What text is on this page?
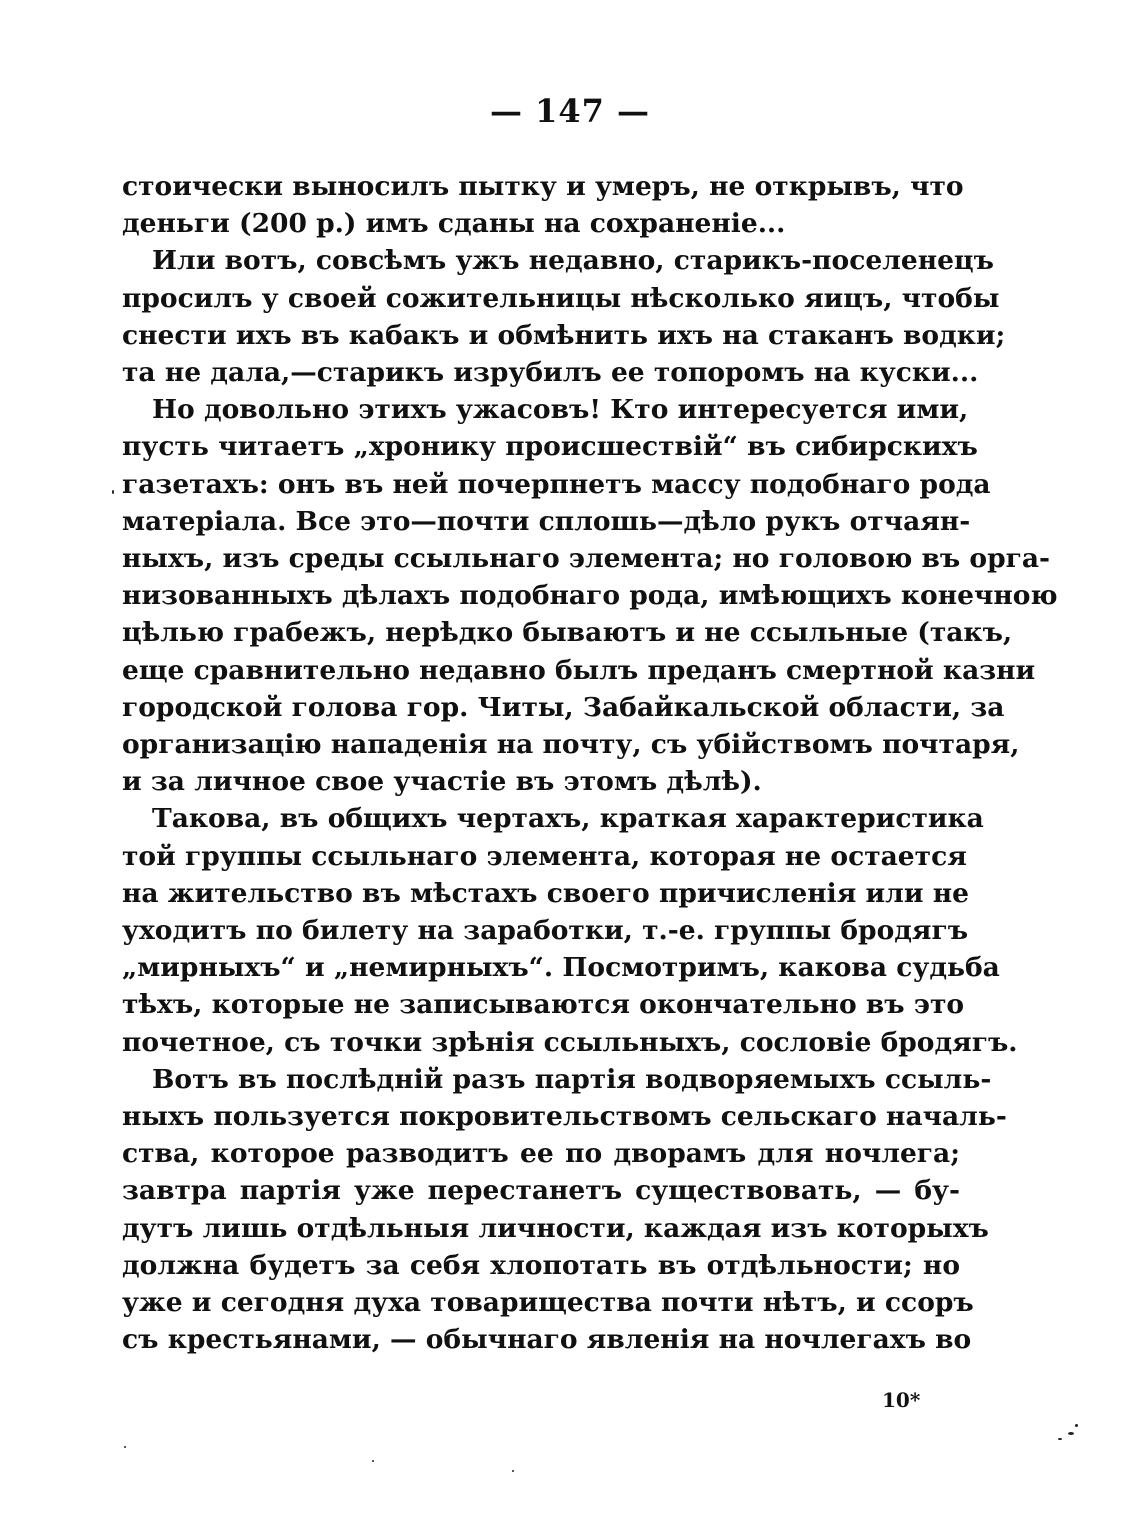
— 147 —
стоически выносилъ пытку и умеръ, не открывъ, что
деньги (200 р.) имъ сданы на сохраненіе...
Или вотъ, совсѣмъ ужъ недавно, старикъ-поселенецъ
просилъ у своей сожительницы нѣсколько яицъ, чтобы
снести ихъ въ кабакъ и обмѣнить ихъ на стаканъ водки;
та не дала,—старикъ изрубилъ ее топоромъ на куски...
Но довольно этихъ ужасовъ! Кто интересуется ими,
пусть читаетъ „хронику происшествій“ въ сибирскихъ
газетахъ: онъ въ ней почерпнетъ массу подобнаго рода
матеріала. Все это—почти сплошь—дѣло рукъ отчаян-
ныхъ, изъ среды ссыльнаго элемента; но головою въ орга-
низованныхъ дѣлахъ подобнаго рода, имѣющихъ конечною
цѣлью грабежъ, нерѣдко бываютъ и не ссыльные (такъ,
еще сравнительно недавно былъ преданъ смертной казни
городской голова гор. Читы, Забайкальской области, за
организацію нападенія на почту, съ убійствомъ почтаря,
и за личное свое участіе въ этомъ дѣлѣ).
Такова, въ общихъ чертахъ, краткая характеристика
той группы ссыльнаго элемента, которая не остается
на жительство въ мѣстахъ своего причисленія или не
уходитъ по билету на заработки, т.-е. группы бродягъ
„мирныхъ“ и „немирныхъ“. Посмотримъ, какова судьба
тѣхъ, которые не записываются окончательно въ это
почетное, съ точки зрѣнія ссыльныхъ, сословіе бродягъ.
Вотъ въ послѣдній разъ партія водворяемыхъ ссыль-
ныхъ пользуется покровительствомъ сельскаго началь-
ства, которое разводитъ ее по дворамъ для ночлега;
завтра партія уже перестанетъ существовать, — бу-
дутъ лишь отдѣльныя личности, каждая изъ которыхъ
должна будетъ за себя хлопотать въ отдѣльности; но
уже и сегодня духа товарищества почти нѣтъ, и ссоръ
съ крестьянами, — обычнаго явленія на ночлегахъ во
10*
